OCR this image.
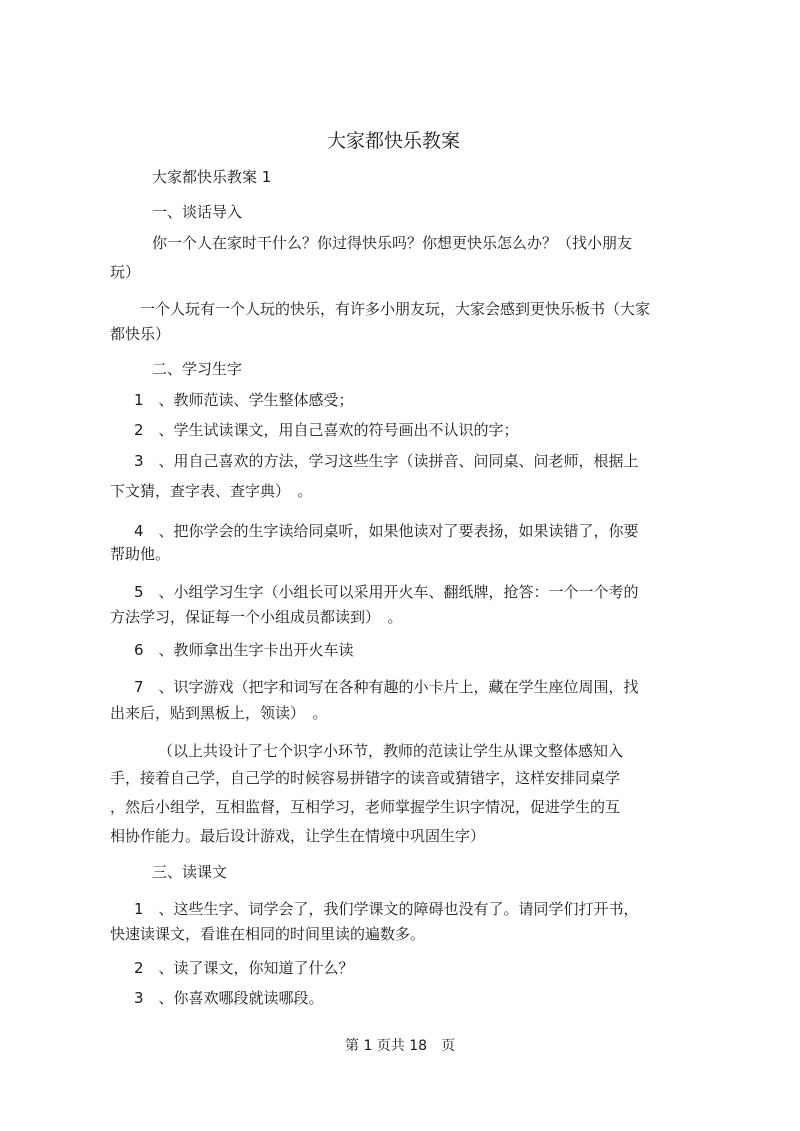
大家都快乐教案
大家都快乐教案 1
一、谈话导入
你一个人在家时干什么？你过得快乐吗？你想更快乐怎么办？（找小朋友
玩）
一个人玩有一个人玩的快乐，有许多小朋友玩，大家会感到更快乐板书（大家
都快乐）
二、学习生字
1　、教师范读、学生整体感受；
2　、学生试读课文，用自己喜欢的符号画出不认识的字；
3　、用自己喜欢的方法，学习这些生字（读拼音、问同桌、问老师，根据上
下文猜，查字表、查字典）　。
4　、把你学会的生字读给同桌听，如果他读对了要表扬，如果读错了，你要
帮助他。
5　、小组学习生字（小组长可以采用开火车、翻纸牌，抢答：一个一个考的
方法学习，保证每一个小组成员都读到）　。
6　、教师拿出生字卡出开火车读
7　、识字游戏（把字和词写在各种有趣的小卡片上，藏在学生座位周围，找
出来后，贴到黑板上，领读）　。
（以上共设计了七个识字小环节，教师的范读让学生从课文整体感知入
手，接着自己学，自己学的时候容易拼错字的读音或猜错字，这样安排同桌学
，然后小组学，互相监督，互相学习，老师掌握学生识字情况，促进学生的互
相协作能力。最后设计游戏，让学生在情境中巩固生字）
三、读课文
1　、这些生字、词学会了，我们学课文的障碍也没有了。请同学们打开书，
快速读课文，看谁在相同的时间里读的遍数多。
2　、读了课文，你知道了什么？
3　、你喜欢哪段就读哪段。
第 1 页共 18　页
